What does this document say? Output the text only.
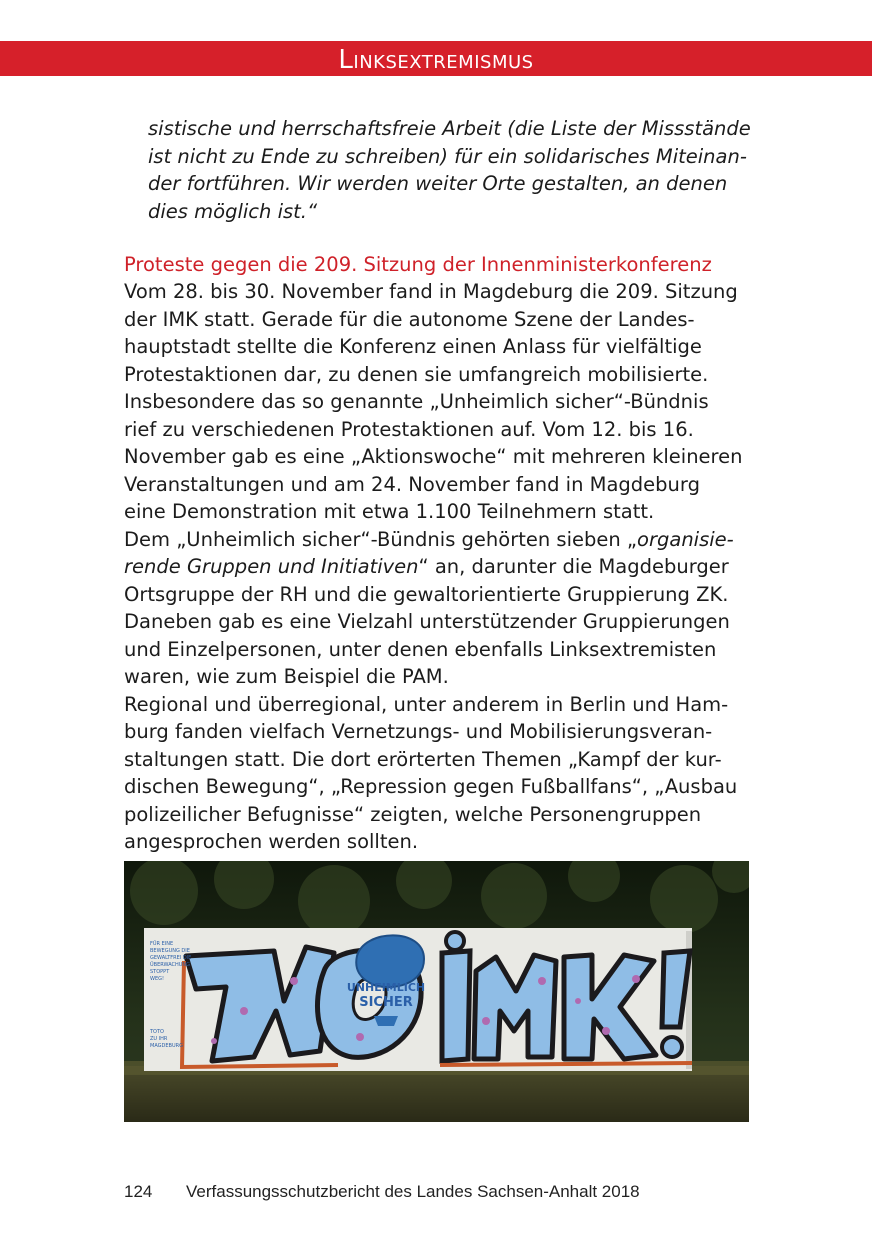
Linksextremismus
sistische und herrschaftsfreie Arbeit (die Liste der Missstände
ist nicht zu Ende zu schreiben) für ein solidarisches Miteinan-
der fortführen. Wir werden weiter Orte gestalten, an denen
dies möglich ist.“
Proteste gegen die 209. Sitzung der Innenministerkonferenz
Vom 28. bis 30. November fand in Magdeburg die 209. Sitzung
der IMK statt. Gerade für die autonome Szene der Landes-
hauptstadt stellte die Konferenz einen Anlass für vielfältige
Protestaktionen dar, zu denen sie umfangreich mobilisierte.
Insbesondere das so genannte „Unheimlich sicher“-Bündnis
rief zu verschiedenen Protestaktionen auf. Vom 12. bis 16.
November gab es eine „Aktionswoche“ mit mehreren kleineren
Veranstaltungen und am 24. November fand in Magdeburg
eine Demonstration mit etwa 1.100 Teilnehmern statt.
Dem „Unheimlich sicher“-Bündnis gehörten sieben „organisie-
rende Gruppen und Initiativen“ an, darunter die Magdeburger
Ortsgruppe der RH und die gewaltorientierte Gruppierung ZK.
Daneben gab es eine Vielzahl unterstützender Gruppierungen
und Einzelpersonen, unter denen ebenfalls Linksextremisten
waren, wie zum Beispiel die PAM.
Regional und überregional, unter anderem in Berlin und Ham-
burg fanden vielfach Vernetzungs- und Mobilisierungsveran-
staltungen statt. Die dort erörterten Themen „Kampf der kur-
dischen Bewegung“, „Repression gegen Fußballfans“, „Ausbau
polizeilicher Befugnisse“ zeigten, welche Personengruppen
angesprochen werden sollten.
UNHEIMLICH
SICHER
FÜR EINE
BEWEGUNG DIE
GEWALTFREI DIE
ÜBERWACHUNG
STOPPT
WEG!
TOTO
ZU IHR
MAGDEBURG
124 Verfassungsschutzbericht des Landes Sachsen-Anhalt 2018
